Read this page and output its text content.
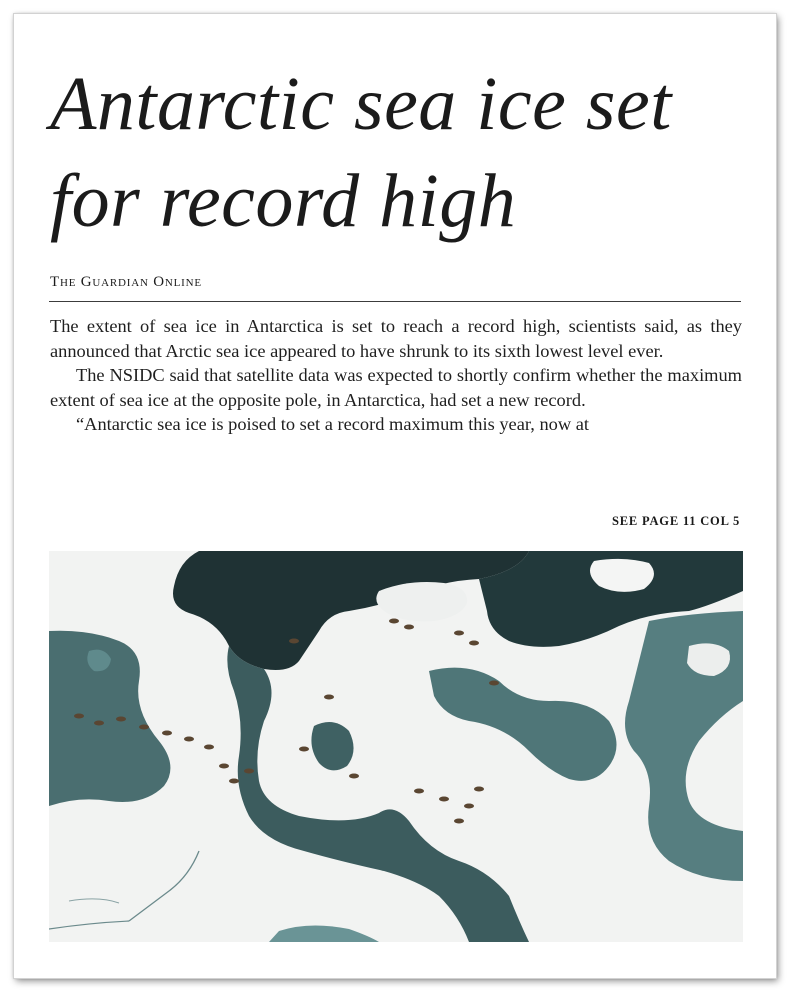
Antarctic sea ice set for record high
The Guardian Online

The extent of sea ice in Antarctica is set to reach a record high, scientists said, as they announced that Arctic sea ice appeared to have shrunk to its sixth lowest level ever.

The NSIDC said that satellite data was expected to shortly confirm whether the maximum extent of sea ice at the opposite pole, in Antarctica, had set a new record.

“Antarctic sea ice is poised to set a record maximum this year, now at

SEE PAGE 11 COL 5
